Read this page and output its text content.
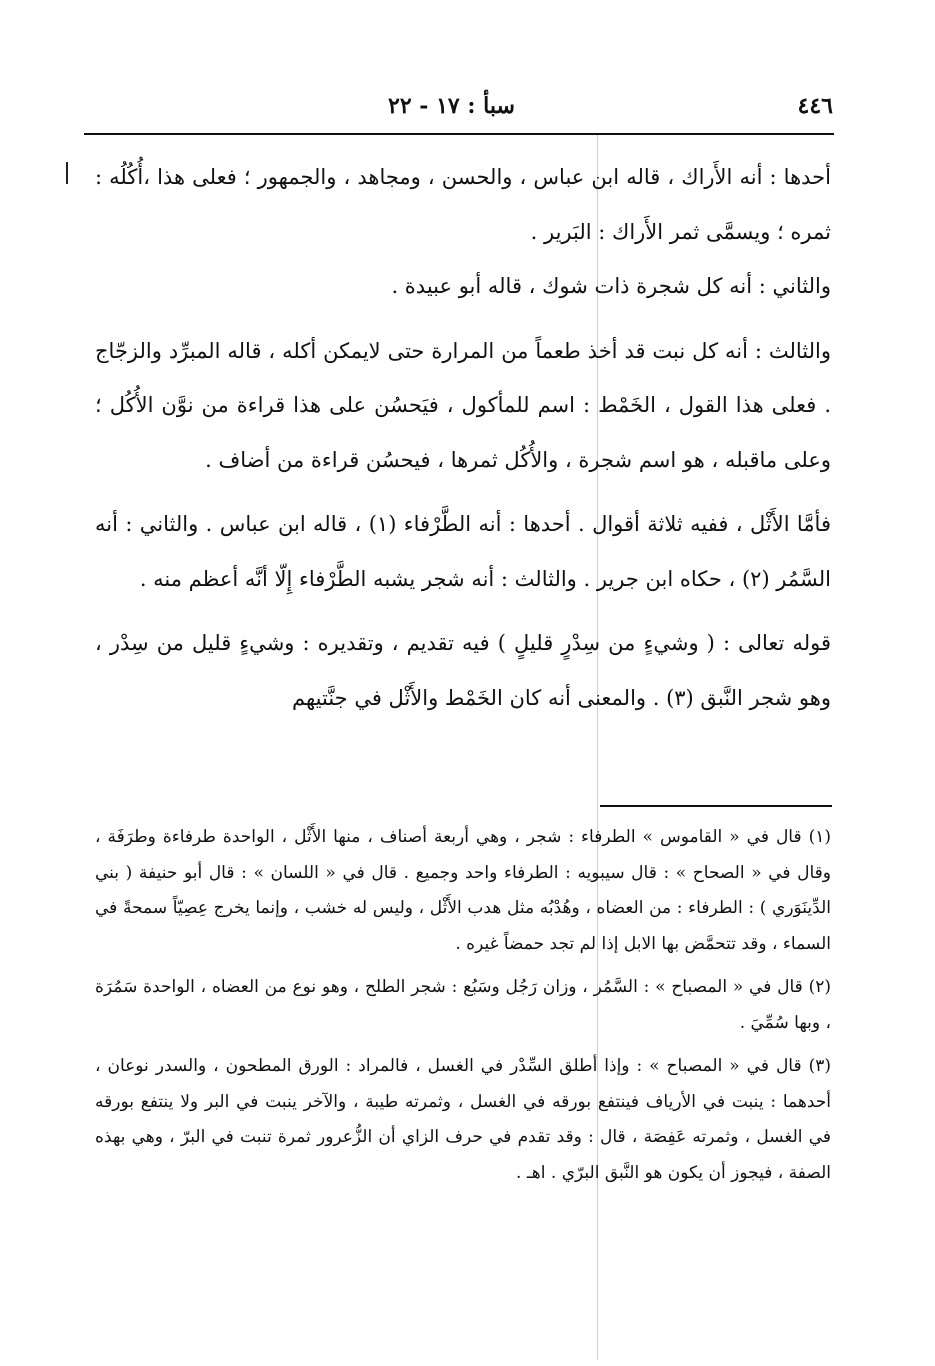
٤٤٦
سبأ : ١٧ - ٢٢

أحدها : أنه الأَراك ، قاله ابن عباس ، والحسن ، ومجاهد ، والجمهور ؛ فعلى هذا ،أُكُلُه : ثمره ؛ ويسمَّى ثمر الأَراك : البَرير .

والثاني : أنه كل شجرة ذات شوك ، قاله أبو عبيدة .

والثالث : أنه كل نبت قد أخذ طعماً من المرارة حتى لايمكن أكله ، قاله المبرِّد والزجّاج . فعلى هذا القول ، الخَمْط : اسم للمأكول ، فيَحسُن على هذا قراءة من نوَّن الأُكُل ؛ وعلى ماقبله ، هو اسم شجرة ، والأُكُل ثمرها ، فيحسُن قراءة من أضاف .

فأمَّا الأَثْل ، ففيه ثلاثة أقوال . أحدها : أنه الطَّرْفاء (١) ، قاله ابن عباس . والثاني : أنه السَّمُر (٢) ، حكاه ابن جرير . والثالث : أنه شجر يشبه الطَّرْفاء إِلّا أنَّه أعظم منه .

قوله تعالى : ( وشيءٍ من سِدْرٍ قليلٍ ) فيه تقديم ، وتقديره : وشيءٍ قليل من سِدْر ، وهو شجر النَّبق (٣) . والمعنى أنه كان الخَمْط والأَثْل في جنَّتيهم

(١) قال في « القاموس » الطرفاء : شجر ، وهي أربعة أصناف ، منها الأَثْل ، الواحدة طرفاءة وطرَفَة ، وقال في « الصحاح » : قال سيبويه : الطرفاء واحد وجميع . قال في « اللسان » : قال أبو حنيفة ( بني الدِّينَوَري ) : الطرفاء : من العضاه ، وهُدْبُه مثل هدب الأَثْل ، وليس له خشب ، وإنما يخرج عِصِيّاً سمحةً في السماء ، وقد تتحمَّض بها الابل إذا لم تجد حمضاً غيره .

(٢) قال في « المصباح » : السَّمُر ، وزان رَجُل وسَبُع : شجر الطلح ، وهو نوع من العضاه ، الواحدة سَمُرَة ، وبها سُمِّيَ .

(٣) قال في « المصباح » : وإذا أطلق السِّدْر في الغسل ، فالمراد : الورق المطحون ، والسدر نوعان ، أحدهما : ينبت في الأرياف فينتفع بورقه في الغسل ، وثمرته طيبة ، والآخر ينبت في البر ولا ينتفع بورقه في الغسل ، وثمرته عَفِصَة ، قال : وقد تقدم في حرف الزاي أن الزُّعرور ثمرة تنبت في البرّ ، وهي بهذه الصفة ، فيجوز أن يكون هو النَّبق البرّي . اهـ .
